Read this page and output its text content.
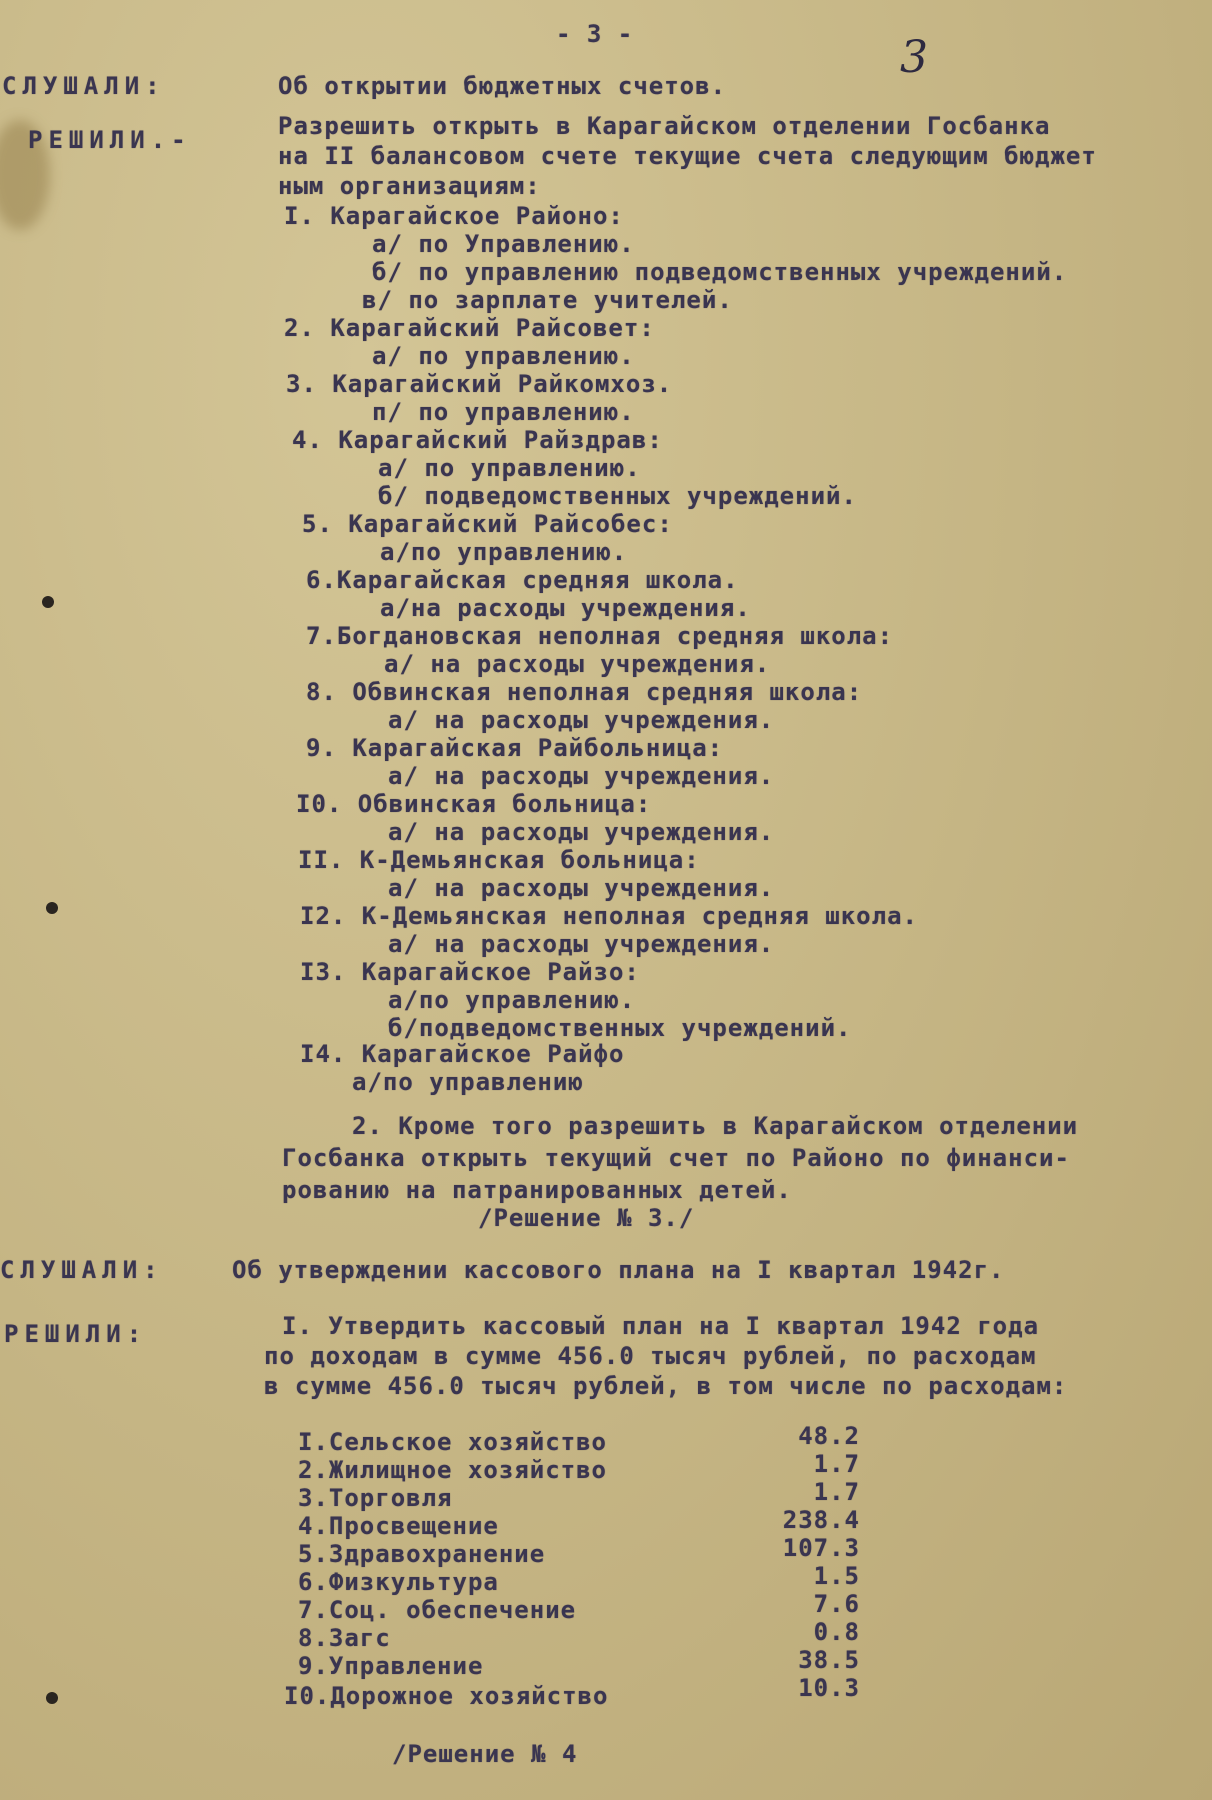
- 3 -	3
СЛУШАЛИ:	Об открытии бюджетных счетов.
РЕШИЛИ.-	Разрешить открыть в Карагайском отделении Госбанка
на II балансовом счете текущие счета следующим бюджет
ным организациям:
I. Карагайское Районо:
а/ по Управлению.
б/ по управлению подведомственных учреждений.
в/ по зарплате учителей.
2. Карагайский Райсовет:
а/ по управлению.
3. Карагайский Райкомхоз.
п/ по управлению.
4. Карагайский Райздрав:
а/ по управлению.
б/ подведомственных учреждений.
5. Карагайский Райсобес:
а/по управлению.
6.Карагайская средняя школа.
а/на расходы учреждения.
7.Богдановская неполная средняя школа:
а/ на расходы учреждения.
8. Обвинская неполная средняя школа:
а/ на расходы учреждения.
9. Карагайская Райбольница:
а/ на расходы учреждения.
I0. Обвинская больница:
а/ на расходы учреждения.
II. К-Демьянская больница:
а/ на расходы учреждения.
I2. К-Демьянская неполная средняя школа.
а/ на расходы учреждения.
I3. Карагайское Райзо:
а/по управлению.
б/подведомственных учреждений.
I4. Карагайское Райфо
а/по управлению
2. Кроме того разрешить в Карагайском отделении
Госбанка открыть текущий счет по Районо по финанси-
рованию на патранированных детей.
/Решение № 3./
СЛУШАЛИ:	Об утверждении кассового плана на I квартал 1942г.
РЕШИЛИ:	I. Утвердить кассовый план на I квартал 1942 года
по доходам в сумме 456.0 тысяч рублей, по расходам
в сумме 456.0 тысяч рублей, в том числе по расходам:
I.Сельское хозяйство	48.2
2.Жилищное хозяйство	1.7
3.Торговля	1.7
4.Просвещение	238.4
5.Здравохранение	107.3
6.Физкультура	1.5
7.Соц. обеспечение	7.6
8.Загс	0.8
9.Управление	38.5
I0.Дорожное хозяйство	10.3
/Решение № 4
